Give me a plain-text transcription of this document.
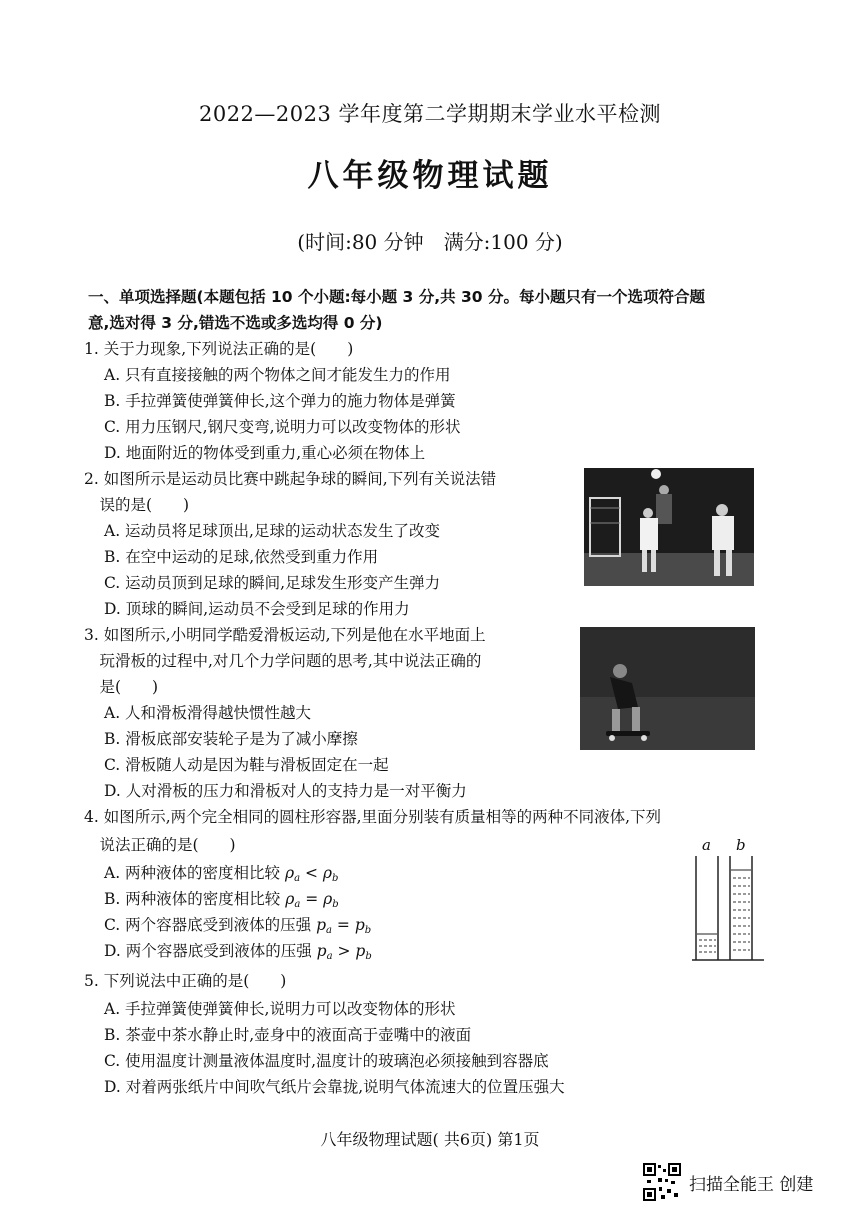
2022—2023 学年度第二学期期末学业水平检测
八年级物理试题
(时间:80 分钟　满分:100 分)
一、单项选择题(本题包括 10 个小题:每小题 3 分,共 30 分。每小题只有一个选项符合题
意,选对得 3 分,错选不选或多选均得 0 分)
1. 关于力现象,下列说法正确的是(　　)
A. 只有直接接触的两个物体之间才能发生力的作用
B. 手拉弹簧使弹簧伸长,这个弹力的施力物体是弹簧
C. 用力压钢尺,钢尺变弯,说明力可以改变物体的形状
D. 地面附近的物体受到重力,重心必须在物体上
2. 如图所示是运动员比赛中跳起争球的瞬间,下列有关说法错
　误的是(　　)
A. 运动员将足球顶出,足球的运动状态发生了改变
B. 在空中运动的足球,依然受到重力作用
C. 运动员顶到足球的瞬间,足球发生形变产生弹力
D. 顶球的瞬间,运动员不会受到足球的作用力
3. 如图所示,小明同学酷爱滑板运动,下列是他在水平地面上
　玩滑板的过程中,对几个力学问题的思考,其中说法正确的
　是(　　)
A. 人和滑板滑得越快惯性越大
B. 滑板底部安装轮子是为了减小摩擦
C. 滑板随人动是因为鞋与滑板固定在一起
D. 人对滑板的压力和滑板对人的支持力是一对平衡力
4. 如图所示,两个完全相同的圆柱形容器,里面分别装有质量相等的两种不同液体,下列
　说法正确的是(　　)
A. 两种液体的密度相比较 $\rho_a < \rho_b$
B. 两种液体的密度相比较 $\rho_a = \rho_b$
C. 两个容器底受到液体的压强 $p_a = p_b$
D. 两个容器底受到液体的压强 $p_a > p_b$
a b
5. 下列说法中正确的是(　　)
A. 手拉弹簧使弹簧伸长,说明力可以改变物体的形状
B. 茶壶中茶水静止时,壶身中的液面高于壶嘴中的液面
C. 使用温度计测量液体温度时,温度计的玻璃泡必须接触到容器底
D. 对着两张纸片中间吹气纸片会靠拢,说明气体流速大的位置压强大
八年级物理试题( 共6页) 第1页
扫描全能王 创建
